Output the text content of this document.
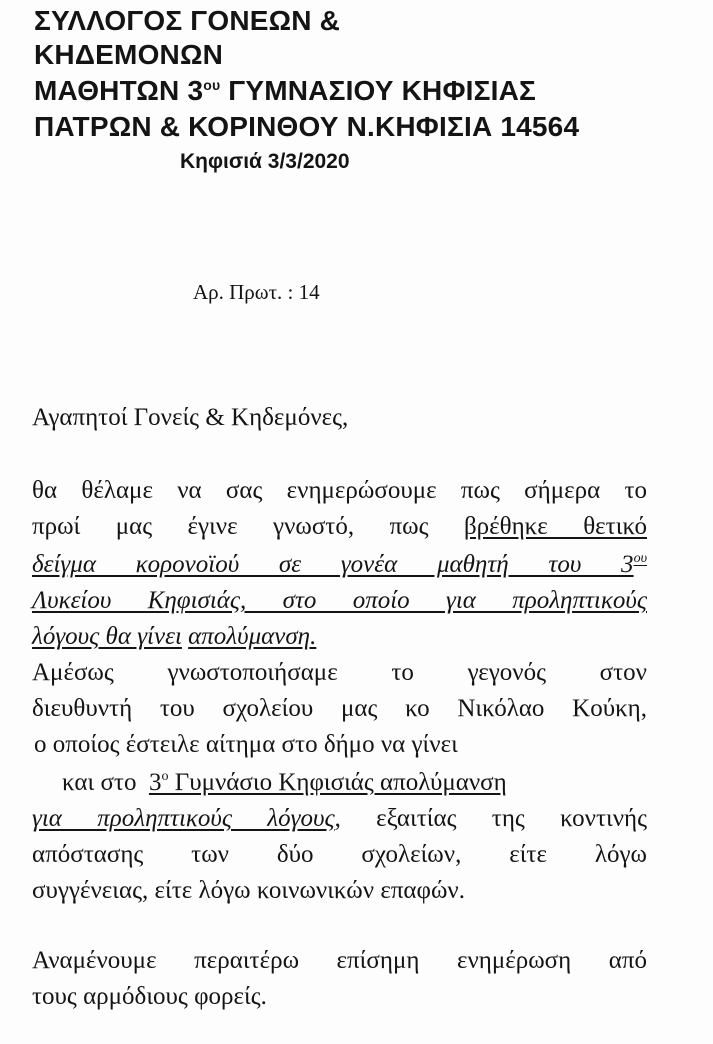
ΣΥΛΛΟΓΟΣ ΓΟΝΕΩΝ &
ΚΗΔΕΜΟΝΩΝ
ΜΑΘΗΤΩΝ $3^{o\upsilon}$ ΓΥΜΝΑΣΙΟΥ ΚΗΦΙΣΙΑΣ
ΠΑΤΡΩΝ & ΚΟΡΙΝΘΟΥ Ν.ΚΗΦΙΣΙΑ 14564
Κηφισιά 3/3/2020
Αρ. Πρωτ. : 14
Αγαπητοί Γονείς & Κηδεμόνες,
θα θέλαμε να σας ενημερώσουμε πως σήμερα το
πρωί μας έγινε γνωστό, πως βρέθηκε θετικό
δείγμα κορονοϊού σε γονέα μαθητή του $3^{o\upsilon}$
Λυκείου Κηφισιάς, στο οποίο για προληπτικούς
λόγους θα γίνει απολύμανση.
Αμέσως γνωστοποιήσαμε το γεγονός στον
διευθυντή του σχολείου μας κο Νικόλαο Κούκη,
ο οποίος έστειλε αίτημα στο δήμο να γίνει
και στο  $3^o$ Γυμνάσιο Κηφισιάς απολύμανση
για προληπτικούς λόγους, εξαιτίας της κοντινής
απόστασης των δύο σχολείων, είτε λόγω
συγγένειας, είτε λόγω κοινωνικών επαφών.
Αναμένουμε περαιτέρω επίσημη ενημέρωση από
τους αρμόδιους φορείς.
